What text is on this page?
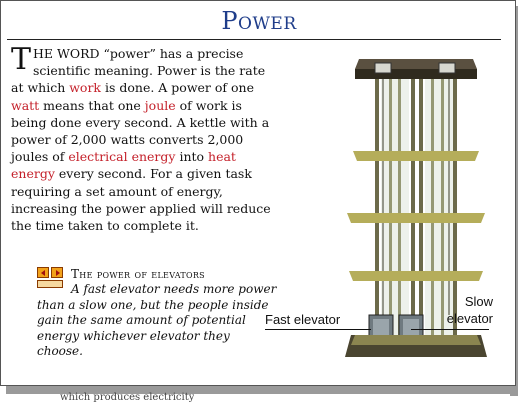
which produces electricity
Power
THE WORD “power” has a precise scientific meaning. Power is the rate at which work is done. A power of one watt means that one joule of work is being done every second. A kettle with a power of 2,000 watts converts 2,000 joules of electrical energy into heat energy every second. For a given task requiring a set amount of energy, increasing the power applied will reduce the time taken to complete it.
The power of elevators
A fast elevator needs more power than a slow one, but the people inside gain the same amount of potential energy whichever elevator they choose.
Fast elevator
Slow elevator
